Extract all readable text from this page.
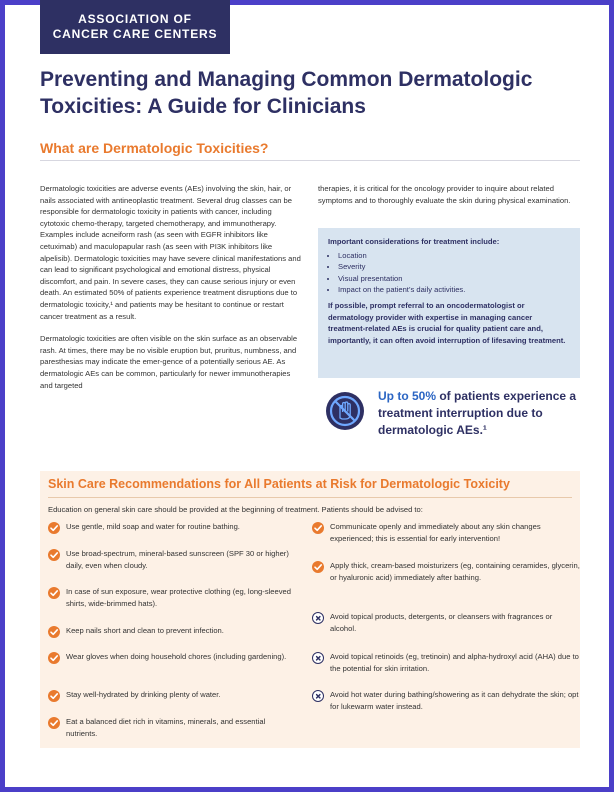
ASSOCIATION OF
CANCER CARE CENTERS
Preventing and Managing Common Dermatologic Toxicities: A Guide for Clinicians
What are Dermatologic Toxicities?

Dermatologic toxicities are adverse events (AEs) involving the skin, hair, or nails associated with antineoplastic treatment. Several drug classes can be responsible for dermatologic toxicity in patients with cancer, including cytotoxic chemo-therapy, targeted chemotherapy, and immunotherapy. Examples include acneiform rash (as seen with EGFR inhibitors like cetuximab) and maculopapular rash (as seen with PI3K inhibitors like alpelisib). Dermatologic toxicities may have severe clinical manifestations and can lead to significant psychological and emotional distress, physical discomfort, and pain. In severe cases, they can cause serious injury or even death. An estimated 50% of patients experience treatment disruptions due to dermatologic toxicity,¹ and patients may be hesitant to continue or restart cancer treatment as a result.

Dermatologic toxicities are often visible on the skin surface as an observable rash. At times, there may be no visible eruption but, pruritus, numbness, and paresthesias may indicate the emer-gence of a potentially serious AE. As dermatologic AEs can be common, particularly for newer immunotherapies and targeted

therapies, it is critical for the oncology provider to inquire about related symptoms and to thoroughly evaluate the skin during physical examination.

Important considerations for treatment include:

• Location
• Severity
• Visual presentation
• Impact on the patient’s daily activities.

If possible, prompt referral to an oncodermatologist or dermatology provider with expertise in managing cancer treatment-related AEs is crucial for quality patient care and, importantly, it can often avoid interruption of lifesaving treatment.

Up to 50% of patients experience a treatment interruption due to dermatologic AEs.¹
Skin Care Recommendations for All Patients at Risk for Dermatologic Toxicity
Education on general skin care should be provided at the beginning of treatment. Patients should be advised to:
Use gentle, mild soap and water for routine bathing.
Use broad-spectrum, mineral-based sunscreen (SPF 30 or higher) daily, even when cloudy.
In case of sun exposure, wear protective clothing (eg, long-sleeved shirts, wide-brimmed hats).
Keep nails short and clean to prevent infection.
Wear gloves when doing household chores (including gardening).
Stay well-hydrated by drinking plenty of water.
Eat a balanced diet rich in vitamins, minerals, and essential nutrients.
Communicate openly and immediately about any skin changes experienced; this is essential for early intervention!
Apply thick, cream-based moisturizers (eg, containing ceramides, glycerin, or hyaluronic acid) immediately after bathing.
Avoid topical products, detergents, or cleansers with fragrances or alcohol.
Avoid topical retinoids (eg, tretinoin) and alpha-hydroxyl acid (AHA) due to the potential for skin irritation.
Avoid hot water during bathing/showering as it can dehydrate the skin; opt for lukewarm water instead.
